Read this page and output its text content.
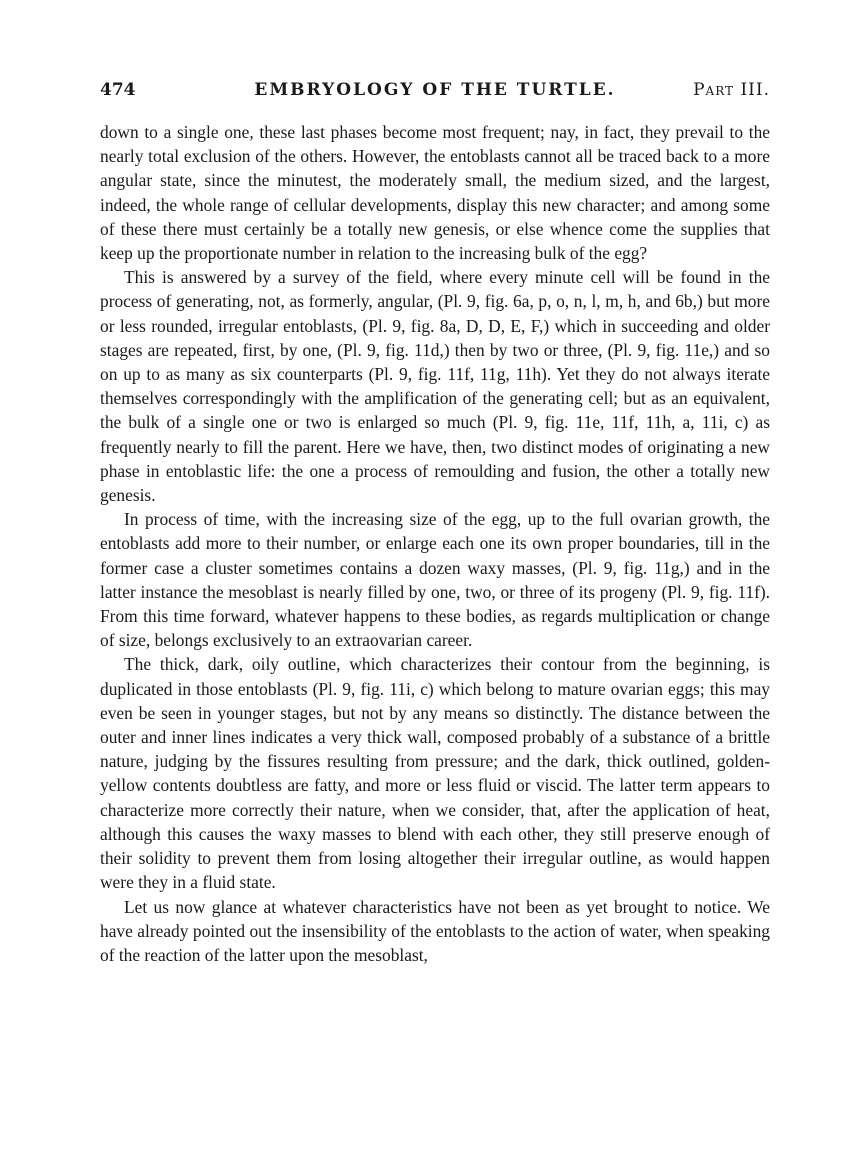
474	EMBRYOLOGY OF THE TURTLE.	Part III.

down to a single one, these last phases become most frequent; nay, in fact, they prevail to the nearly total exclusion of the others. However, the entoblasts cannot all be traced back to a more angular state, since the minutest, the moderately small, the medium sized, and the largest, indeed, the whole range of cellular developments, display this new character; and among some of these there must certainly be a totally new genesis, or else whence come the supplies that keep up the proportionate number in relation to the increasing bulk of the egg?

This is answered by a survey of the field, where every minute cell will be found in the process of generating, not, as formerly, angular, (Pl. 9, fig. 6a, p, o, n, l, m, h, and 6b,) but more or less rounded, irregular entoblasts, (Pl. 9, fig. 8a, D, D, E, F,) which in succeeding and older stages are repeated, first, by one, (Pl. 9, fig. 11d,) then by two or three, (Pl. 9, fig. 11e,) and so on up to as many as six counterparts (Pl. 9, fig. 11f, 11g, 11h). Yet they do not always iterate themselves correspondingly with the amplification of the generating cell; but as an equivalent, the bulk of a single one or two is enlarged so much (Pl. 9, fig. 11e, 11f, 11h, a, 11i, c) as frequently nearly to fill the parent. Here we have, then, two distinct modes of originating a new phase in entoblastic life: the one a process of remoulding and fusion, the other a totally new genesis.

In process of time, with the increasing size of the egg, up to the full ovarian growth, the entoblasts add more to their number, or enlarge each one its own proper boundaries, till in the former case a cluster sometimes contains a dozen waxy masses, (Pl. 9, fig. 11g,) and in the latter instance the mesoblast is nearly filled by one, two, or three of its progeny (Pl. 9, fig. 11f). From this time forward, whatever happens to these bodies, as regards multiplication or change of size, belongs exclusively to an extraovarian career.

The thick, dark, oily outline, which characterizes their contour from the beginning, is duplicated in those entoblasts (Pl. 9, fig. 11i, c) which belong to mature ovarian eggs; this may even be seen in younger stages, but not by any means so distinctly. The distance between the outer and inner lines indicates a very thick wall, composed probably of a substance of a brittle nature, judging by the fissures resulting from pressure; and the dark, thick outlined, golden-yellow contents doubtless are fatty, and more or less fluid or viscid. The latter term appears to characterize more correctly their nature, when we consider, that, after the application of heat, although this causes the waxy masses to blend with each other, they still preserve enough of their solidity to prevent them from losing altogether their irregular outline, as would happen were they in a fluid state.

Let us now glance at whatever characteristics have not been as yet brought to notice. We have already pointed out the insensibility of the entoblasts to the action of water, when speaking of the reaction of the latter upon the mesoblast,
